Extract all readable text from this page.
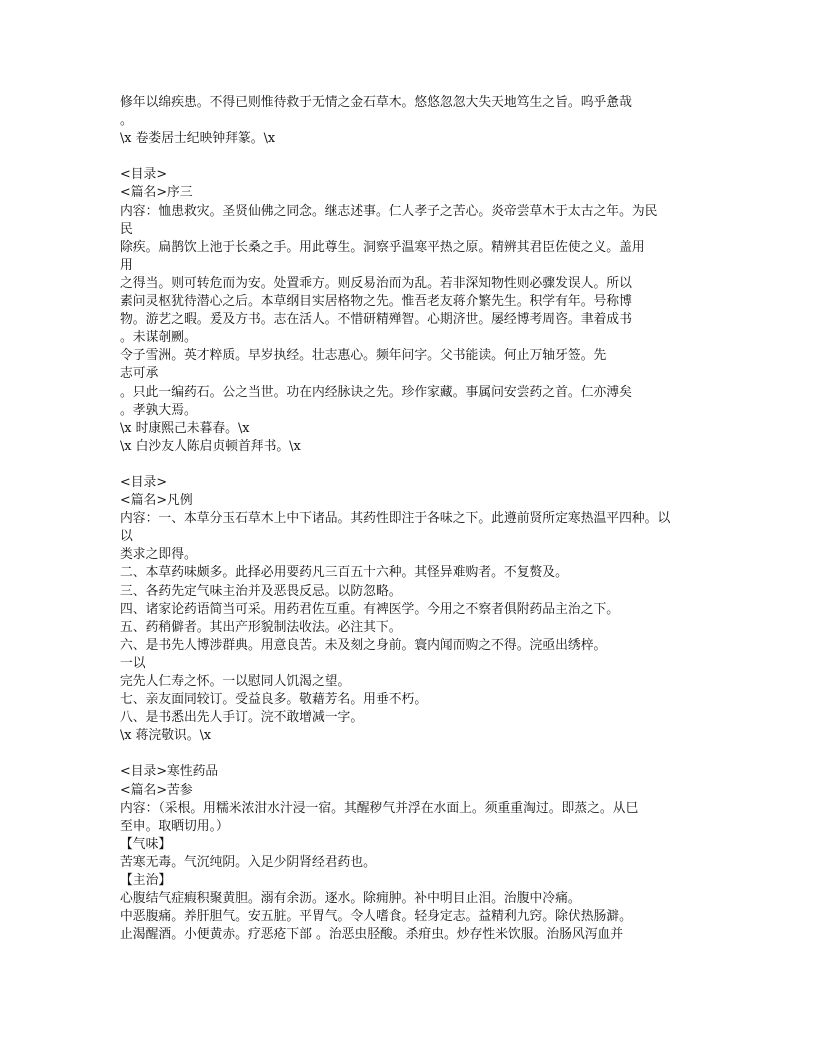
修年以绵疾患。不得已则惟待救于无情之金石草木。悠悠忽忽大失天地笃生之旨。呜乎惫哉
。
\x 卷娄居士纪映钟拜篆。\x
<目录>
<篇名>序三
内容：恤患救灾。圣贤仙佛之同念。继志述事。仁人孝子之苦心。炎帝尝草木于太古之年。为民
民
除疾。扁鹊饮上池于长桑之手。用此尊生。洞察乎温寒平热之原。精辨其君臣佐使之义。盖用
用
之得当。则可转危而为安。处置乖方。则反易治而为乱。若非深知物性则必骤发误人。所以
素问灵枢犹待潜心之后。本草纲目实居格物之先。惟吾老友蒋介繁先生。积学有年。号称博
物。游艺之暇。爰及方书。志在活人。不惜研精殚智。心期济世。屡经博考周咨。聿着成书
。未谋剞劂。
令子雪洲。英才粹质。早岁执经。壮志惠心。频年问字。父书能读。何止万轴牙签。先
志可承
。只此一编药石。公之当世。功在内经脉诀之先。珍作家藏。事属问安尝药之首。仁亦溥矣
。孝孰大焉。
\x 时康熙己未暮春。\x
\x 白沙友人陈启贞顿首拜书。\x
<目录>
<篇名>凡例
内容：一、本草分玉石草木上中下诸品。其药性即注于各味之下。此遵前贤所定寒热温平四种。以
以
类求之即得。
二、本草药味颇多。此择必用要药凡三百五十六种。其怪异难购者。不复赘及。
三、各药先定气味主治并及恶畏反忌。以防忽略。
四、诸家论药语简当可采。用药君佐互重。有裨医学。今用之不察者俱附药品主治之下。
五、药稍僻者。其出产形貌制法收法。必注其下。
六、是书先人博涉群典。用意良苦。未及刻之身前。寰内闻而购之不得。浣亟出绣梓。
一以
完先人仁寿之怀。一以慰同人饥渴之望。
七、亲友面同较订。受益良多。敬藉芳名。用垂不朽。
八、是书悉出先人手订。浣不敢增减一字。
\x 蒋浣敬识。\x
<目录>寒性药品
<篇名>苦参
内容：（采根。用糯米浓泔水汁浸一宿。其醒秽气并浮在水面上。须重重淘过。即蒸之。从巳
至申。取晒切用。）
【气味】
苦寒无毒。气沉纯阴。入足少阴肾经君药也。
【主治】
心腹结气症瘕积聚黄胆。溺有余沥。逐水。除痈肿。补中明目止泪。治腹中冷痛。
中恶腹痛。养肝胆气。安五脏。平胃气。令人嗜食。轻身定志。益精利九窍。除伏热肠澼。
止渴醒酒。小便黄赤。疗恶疮下部 。治恶虫胫酸。杀疳虫。炒存性米饮服。治肠风泻血并
